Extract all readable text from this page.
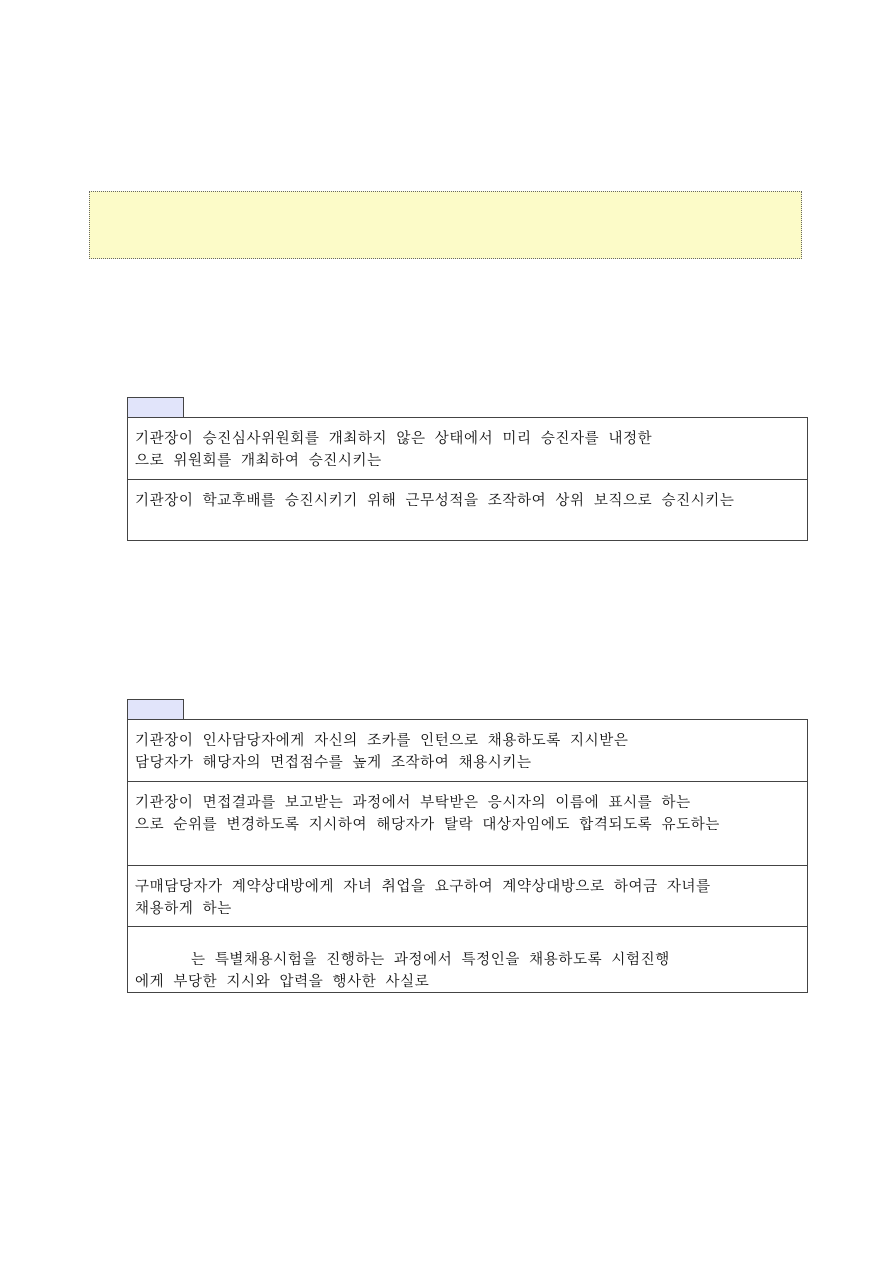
기관장이 승진심사위원회를 개최하지 않은 상태에서 미리 승진자를 내정한
으로 위원회를 개최하여 승진시키는
기관장이 학교후배를 승진시키기 위해 근무성적을 조작하여 상위 보직으로 승진시키는
기관장이 인사담당자에게 자신의 조카를 인턴으로 채용하도록 지시받은
담당자가 해당자의 면접점수를 높게 조작하여 채용시키는
기관장이 면접결과를 보고받는 과정에서 부탁받은 응시자의 이름에 표시를 하는
으로 순위를 변경하도록 지시하여 해당자가 탈락 대상자임에도 합격되도록 유도하는
구매담당자가 계약상대방에게 자녀 취업을 요구하여 계약상대방으로 하여금 자녀를
채용하게 하는
는 특별채용시험을 진행하는 과정에서 특정인을 채용하도록 시험진행
에게 부당한 지시와 압력을 행사한 사실로
